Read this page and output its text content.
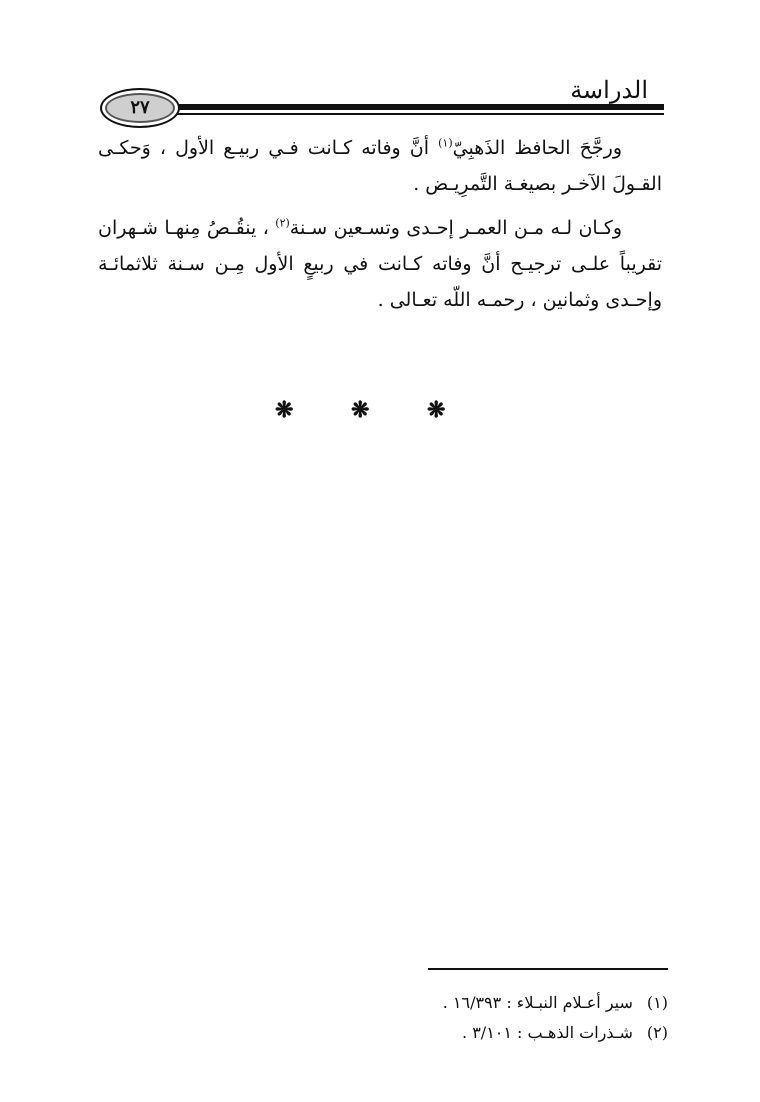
الدراسة
٢٧

ورجَّحَ الحافظ الذَهبِيّ$^{(١)}$ أنَّ وفاته كـانت فـي ربيـع الأول ، وَحكـى القـولَ الآخـر بصيغـة التَّمرِيـض .

وكـان لـه مـن العمـر إحـدى وتسـعين سـنة$^{(٢)}$ ، ينقُـصُ مِنهـا شـهران تقريباً علـى ترجيـح أنَّ وفاته كـانت في ربيعٍ الأول مِـن سـنة ثلاثمائـة وإحـدى وثمانين ، رحمـه اللّه تعـالى .

❋	❋	❋
(١)سير أعـلام النبـلاء : ١٦/٣٩٣ .
(٢)شـذرات الذهـب : ٣/١٠١ .
